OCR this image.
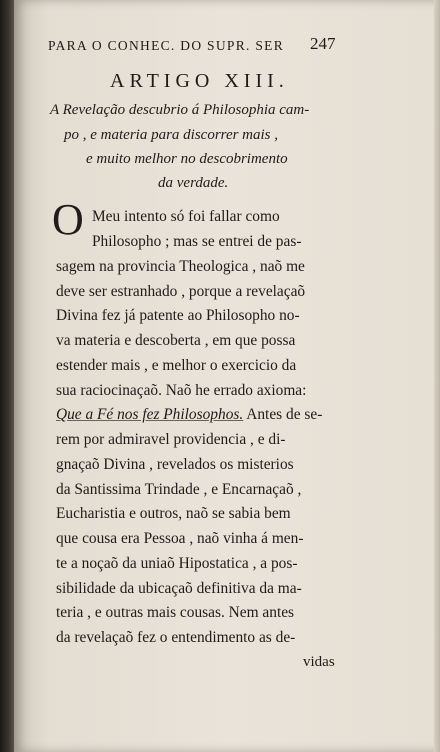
PARA O CONHEC. DO SUPR. SER	247
ARTIGO XIII.
A Revelação descubrio á Philosophia cam-
po , e materia para discorrer mais ,
e muito melhor no descobrimento
da verdade.
O Meu intento só foi fallar como
Philosopho ; mas se entrei de pas-
sagem na provincia Theologica , naõ me
deve ser estranhado , porque a revelaçaõ
Divina fez já patente ao Philosopho no-
va materia e descoberta , em que possa
estender mais , e melhor o exercicio da
sua raciocinaçaõ. Naõ he errado axioma:
Que a Fé nos fez Philosophos. Antes de se-
rem por admiravel providencia , e di-
gnaçaõ Divina , revelados os misterios
da Santissima Trindade , e Encarnaçaõ ,
Eucharistia e outros, naõ se sabia bem
que cousa era Pessoa , naõ vinha á men-
te a noçaõ da uniaõ Hipostatica , a pos-
sibilidade da ubicaçaõ definitiva da ma-
teria , e outras mais cousas. Nem antes
da revelaçaõ fez o entendimento as de-
vidas
